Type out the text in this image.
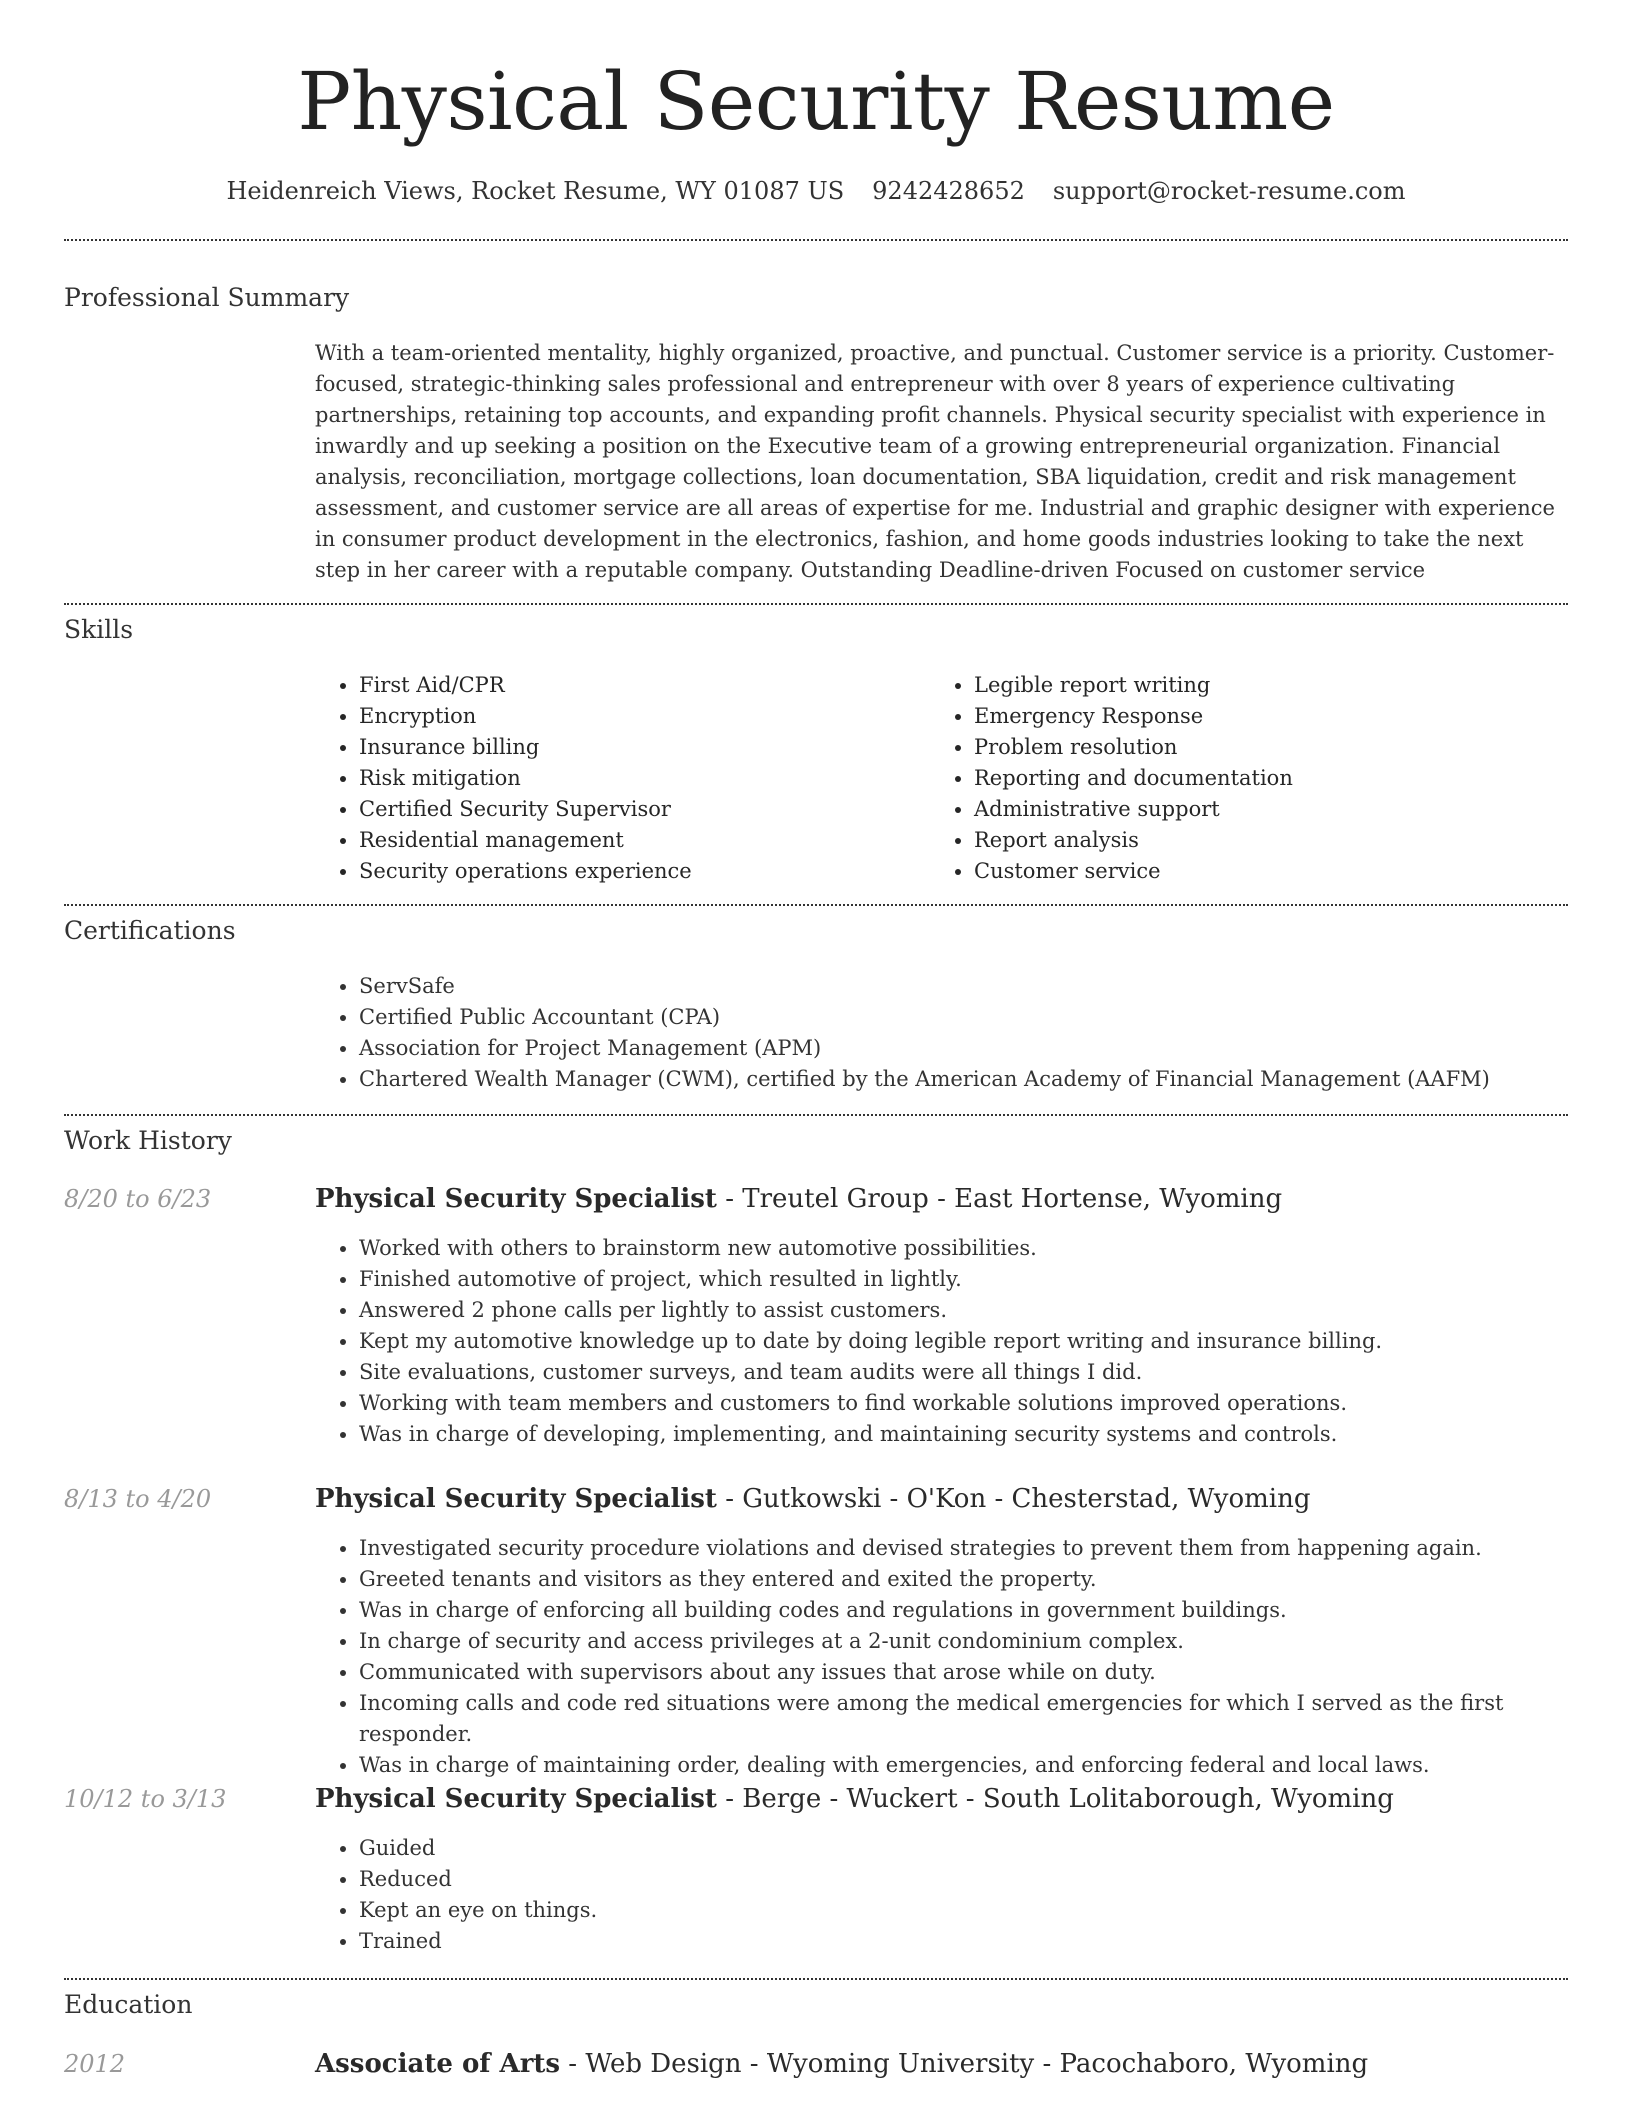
Physical Security Resume
Heidenreich Views, Rocket Resume, WY 01087 US 9242428652 support@rocket-resume.com
Professional Summary

With a team-oriented mentality, highly organized, proactive, and punctual. Customer service is a priority. Customer-focused, strategic-thinking sales professional and entrepreneur with over 8 years of experience cultivating partnerships, retaining top accounts, and expanding profit channels. Physical security specialist with experience in inwardly and up seeking a position on the Executive team of a growing entrepreneurial organization. Financial analysis, reconciliation, mortgage collections, loan documentation, SBA liquidation, credit and risk management assessment, and customer service are all areas of expertise for me. Industrial and graphic designer with experience in consumer product development in the electronics, fashion, and home goods industries looking to take the next step in her career with a reputable company. Outstanding Deadline-driven Focused on customer service

Skills
• First Aid/CPR
• Encryption
• Insurance billing
• Risk mitigation
• Certified Security Supervisor
• Residential management
• Security operations experience
• Legible report writing
• Emergency Response
• Problem resolution
• Reporting and documentation
• Administrative support
• Report analysis
• Customer service
Certifications
• ServSafe
• Certified Public Accountant (CPA)
• Association for Project Management (APM)
• Chartered Wealth Manager (CWM), certified by the American Academy of Financial Management (AAFM)
Work History
8/20 to 6/23	Physical Security Specialist - Treutel Group - East Hortense, Wyoming
• Worked with others to brainstorm new automotive possibilities.
• Finished automotive of project, which resulted in lightly.
• Answered 2 phone calls per lightly to assist customers.
• Kept my automotive knowledge up to date by doing legible report writing and insurance billing.
• Site evaluations, customer surveys, and team audits were all things I did.
• Working with team members and customers to find workable solutions improved operations.
• Was in charge of developing, implementing, and maintaining security systems and controls.
8/13 to 4/20	Physical Security Specialist - Gutkowski - O'Kon - Chesterstad, Wyoming
• Investigated security procedure violations and devised strategies to prevent them from happening again.
• Greeted tenants and visitors as they entered and exited the property.
• Was in charge of enforcing all building codes and regulations in government buildings.
• In charge of security and access privileges at a 2-unit condominium complex.
• Communicated with supervisors about any issues that arose while on duty.
• Incoming calls and code red situations were among the medical emergencies for which I served as the first responder.
• Was in charge of maintaining order, dealing with emergencies, and enforcing federal and local laws.
10/12 to 3/13	Physical Security Specialist - Berge - Wuckert - South Lolitaborough, Wyoming
• Guided
• Reduced
• Kept an eye on things.
• Trained
Education
2012	Associate of Arts - Web Design - Wyoming University - Pacochaboro, Wyoming
